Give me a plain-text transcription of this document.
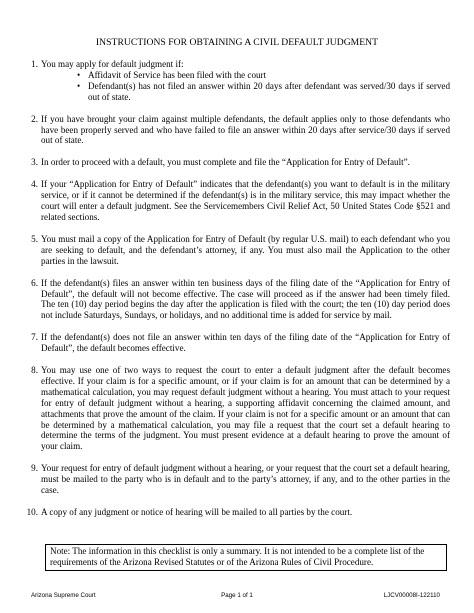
INSTRUCTIONS FOR OBTAINING A CIVIL DEFAULT JUDGMENT
1. You may apply for default judgment if:
• Affidavit of Service has been filed with the court
• Defendant(s) has not filed an answer within 20 days after defendant was served/30 days if served out of state.
2. If you have brought your claim against multiple defendants, the default applies only to those defendants who have been properly served and who have failed to file an answer within 20 days after service/30 days if served out of state.
3. In order to proceed with a default, you must complete and file the “Application for Entry of Default”.
4. If your “Application for Entry of Default” indicates that the defendant(s) you want to default is in the military service, or if it cannot be determined if the defendant(s) is in the military service, this may impact whether the court will enter a default judgment. See the Servicemembers Civil Relief Act, 50 United States Code §521 and related sections.
5. You must mail a copy of the Application for Entry of Default (by regular U.S. mail) to each defendant who you are seeking to default, and the defendant’s attorney, if any. You must also mail the Application to the other parties in the lawsuit.
6. If the defendant(s) files an answer within ten business days of the filing date of the “Application for Entry of Default”, the default will not become effective. The case will proceed as if the answer had been timely filed. The ten (10) day period begins the day after the application is filed with the court; the ten (10) day period does not include Saturdays, Sundays, or holidays, and no additional time is added for service by mail.
7. If the defendant(s) does not file an answer within ten days of the filing date of the “Application for Entry of Default”, the default becomes effective.
8. You may use one of two ways to request the court to enter a default judgment after the default becomes effective. If your claim is for a specific amount, or if your claim is for an amount that can be determined by a mathematical calculation, you may request default judgment without a hearing. You must attach to your request for entry of default judgment without a hearing, a supporting affidavit concerning the claimed amount, and attachments that prove the amount of the claim. If your claim is not for a specific amount or an amount that can be determined by a mathematical calculation, you may file a request that the court set a default hearing to determine the terms of the judgment. You must present evidence at a default hearing to prove the amount of your claim.
9. Your request for entry of default judgment without a hearing, or your request that the court set a default hearing, must be mailed to the party who is in default and to the party’s attorney, if any, and to the other parties in the case.
10. A copy of any judgment or notice of hearing will be mailed to all parties by the court.
Note: The information in this checklist is only a summary. It is not intended to be a complete list of the requirements of the Arizona Revised Statutes or of the Arizona Rules of Civil Procedure.
Arizona Supreme Court	Page 1 of 1	LJCV00008I-122110
